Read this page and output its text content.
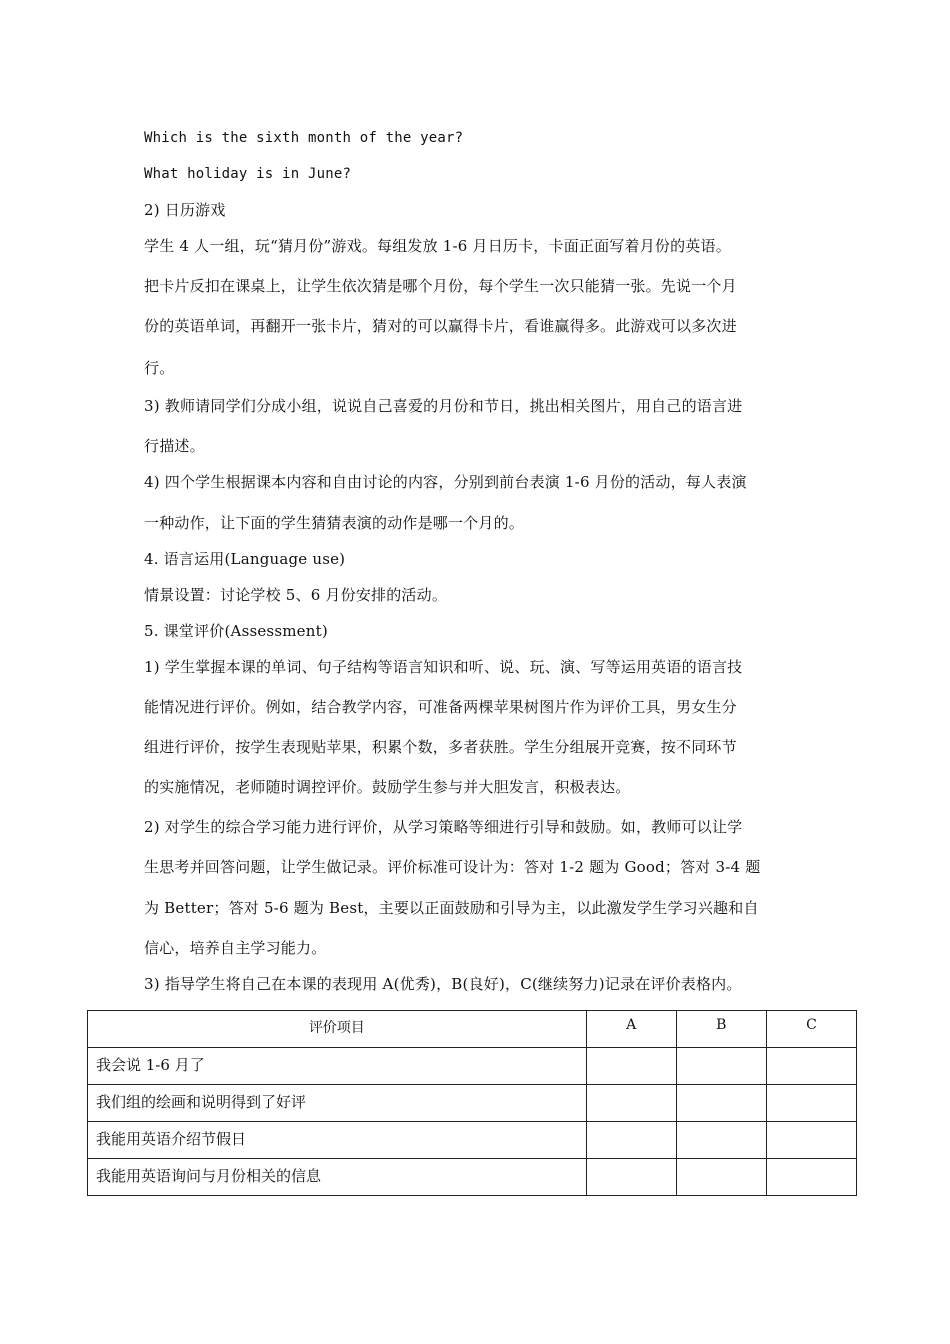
Which is the sixth month of the year?
What holiday is in June?
2) 日历游戏
学生 4 人一组，玩“猜月份”游戏。每组发放 1-6 月日历卡，卡面正面写着月份的英语。
把卡片反扣在课桌上，让学生依次猜是哪个月份，每个学生一次只能猜一张。先说一个月
份的英语单词，再翻开一张卡片，猜对的可以赢得卡片，看谁赢得多。此游戏可以多次进
行。
3) 教师请同学们分成小组，说说自己喜爱的月份和节日，挑出相关图片，用自己的语言进
行描述。
4) 四个学生根据课本内容和自由讨论的内容，分别到前台表演 1-6 月份的活动，每人表演
一种动作，让下面的学生猜猜表演的动作是哪一个月的。
4. 语言运用(Language use)
情景设置：讨论学校 5、6 月份安排的活动。
5. 课堂评价(Assessment)
1) 学生掌握本课的单词、句子结构等语言知识和听、说、玩、演、写等运用英语的语言技
能情况进行评价。例如，结合教学内容，可准备两棵苹果树图片作为评价工具，男女生分
组进行评价，按学生表现贴苹果，积累个数，多者获胜。学生分组展开竞赛，按不同环节
的实施情况，老师随时调控评价。鼓励学生参与并大胆发言，积极表达。
2) 对学生的综合学习能力进行评价，从学习策略等细进行引导和鼓励。如，教师可以让学
生思考并回答问题，让学生做记录。评价标准可设计为：答对 1-2 题为 Good；答对 3-4 题
为 Better；答对 5-6 题为 Best，主要以正面鼓励和引导为主，以此激发学生学习兴趣和自
信心，培养自主学习能力。
3) 指导学生将自己在本课的表现用 A(优秀)，B(良好)，C(继续努力)记录在评价表格内。
评价项目	A	B	C
我会说 1-6 月了			
我们组的绘画和说明得到了好评			
我能用英语介绍节假日			
我能用英语询问与月份相关的信息			
